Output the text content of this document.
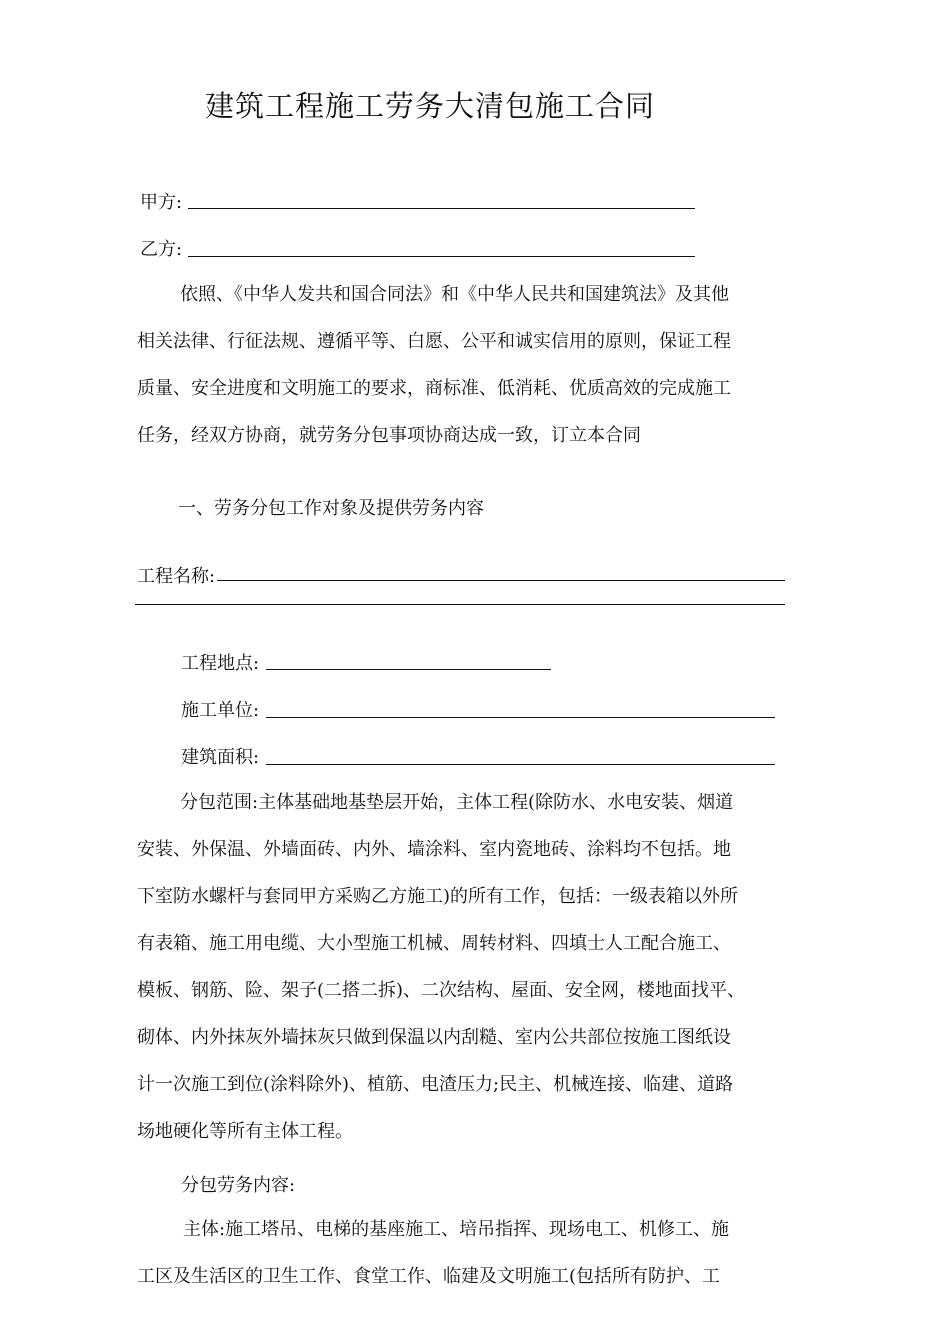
建筑工程施工劳务大清包施工合同
甲方:
乙方:
依照、《中华人发共和国合同法》和《中华人民共和国建筑法》及其他
相关法律、行征法规、遵循平等、白愿、公平和诚实信用的原则，保证工程
质量、安全进度和文明施工的要求，商标准、低消耗、优质高效的完成施工
任务，经双方协商，就劳务分包事项协商达成一致，订立本合同
一、劳务分包工作对象及提供劳务内容
工程名称:
工程地点:
施工单位:
建筑面积:
分包范围:主体基础地基垫层开始，主体工程(除防水、水电安装、烟道
安装、外保温、外墙面砖、内外、墙涂料、室内瓷地砖、涂料均不包括。地
下室防水螺杆与套同甲方采购乙方施工)的所有工作，包括：一级表箱以外所
有表箱、施工用电缆、大小型施工机械、周转材料、四填士人工配合施工、
模板、钢筋、险、架子(二搭二拆)、二次结构、屋面、安全网，楼地面找平、
砌体、内外抹灰外墙抹灰只做到保温以内刮糙、室内公共部位按施工图纸设
计一次施工到位(涂料除外)、植筋、电渣压力;民主、机械连接、临建、道路
场地硬化等所有主体工程。
分包劳务内容:
主体:施工塔吊、电梯的基座施工、培吊指挥、现场电工、机修工、施
工区及生活区的卫生工作、食堂工作、临建及文明施工(包括所有防护、工
